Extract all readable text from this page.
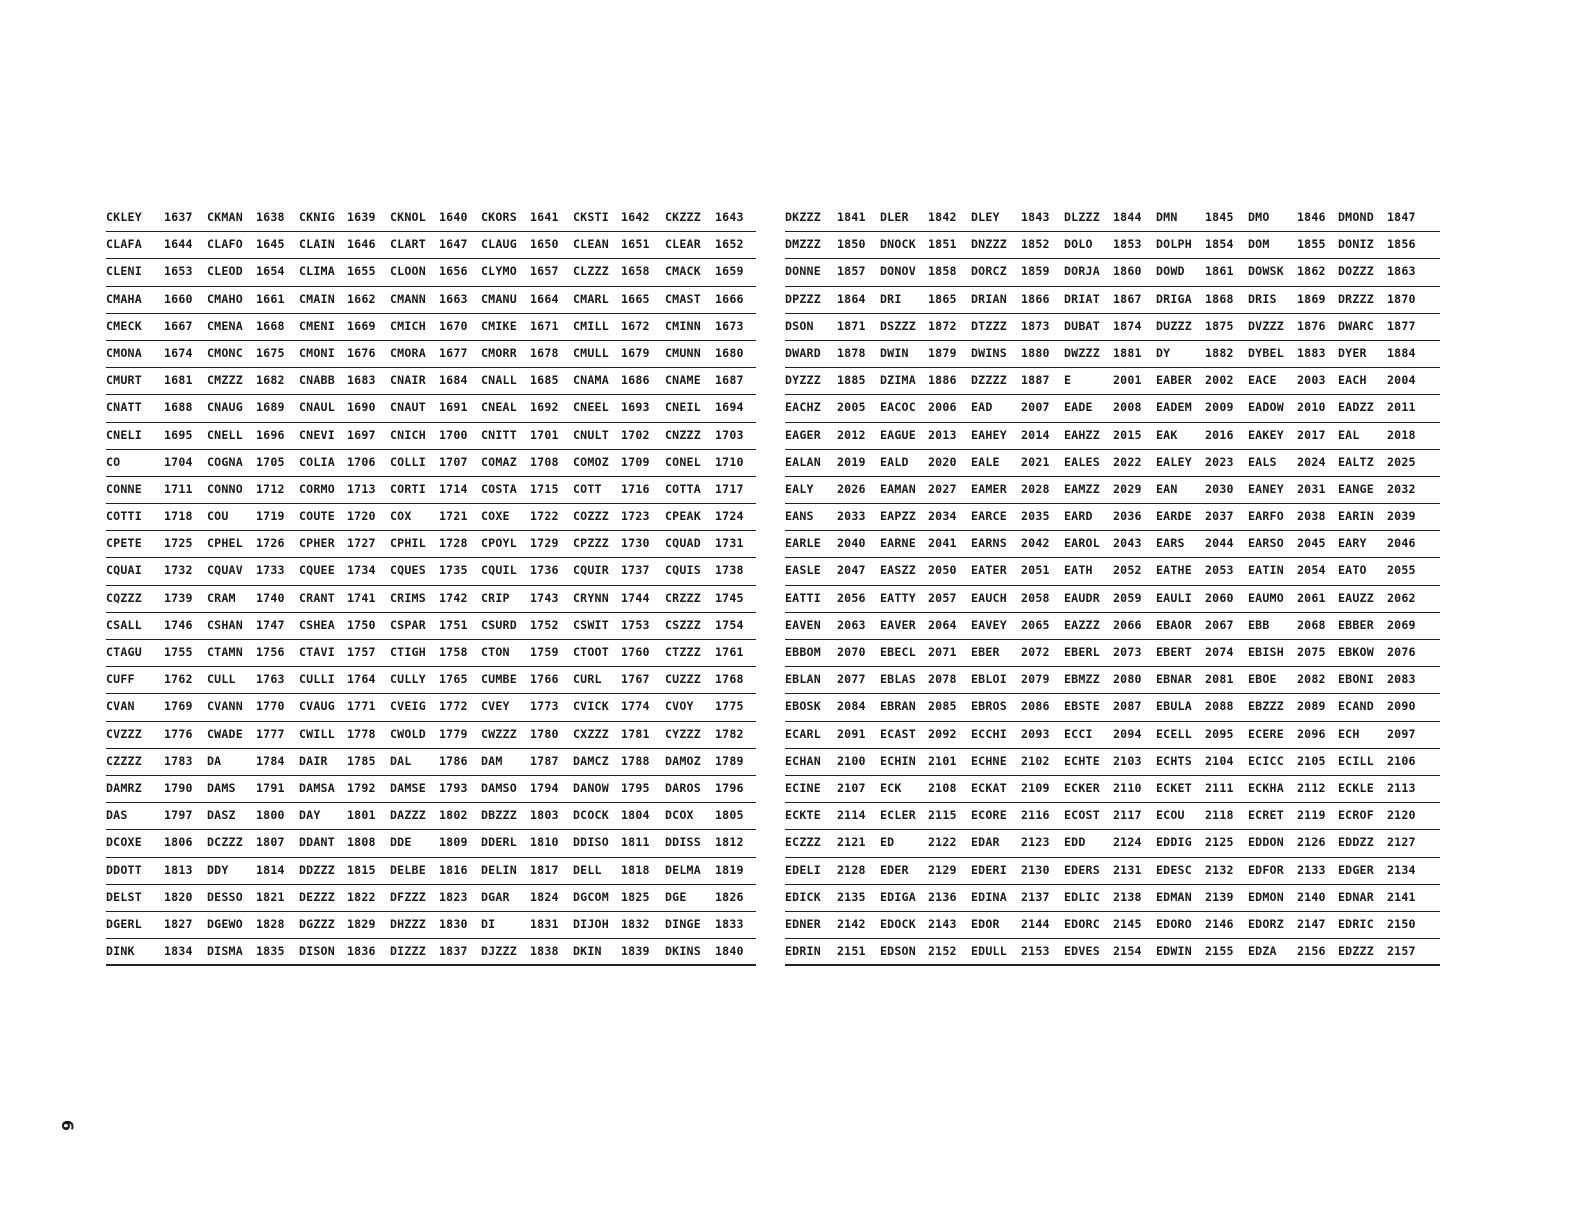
CKLEY 1637 CKMAN 1638 CKNIG 1639 CKNOL 1640 CKORS 1641 CKSTI 1642 CKZZZ 1643
CLAFA 1644 CLAFO 1645 CLAIN 1646 CLART 1647 CLAUG 1650 CLEAN 1651 CLEAR 1652
CLENI 1653 CLEOD 1654 CLIMA 1655 CLOON 1656 CLYMO 1657 CLZZZ 1658 CMACK 1659
CMAHA 1660 CMAHO 1661 CMAIN 1662 CMANN 1663 CMANU 1664 CMARL 1665 CMAST 1666
CMECK 1667 CMENA 1668 CMENI 1669 CMICH 1670 CMIKE 1671 CMILL 1672 CMINN 1673
CMONA 1674 CMONC 1675 CMONI 1676 CMORA 1677 CMORR 1678 CMULL 1679 CMUNN 1680
CMURT 1681 CMZZZ 1682 CNABB 1683 CNAIR 1684 CNALL 1685 CNAMA 1686 CNAME 1687
CNATT 1688 CNAUG 1689 CNAUL 1690 CNAUT 1691 CNEAL 1692 CNEEL 1693 CNEIL 1694
CNELI 1695 CNELL 1696 CNEVI 1697 CNICH 1700 CNITT 1701 CNULT 1702 CNZZZ 1703
CO	1704 COGNA 1705 COLIA 1706 COLLI 1707 COMAZ 1708 COMOZ 1709 CONEL 1710
CONNE 1711 CONNO 1712 CORMO 1713 CORTI 1714 COSTA 1715 COTT 1716 COTTA 1717
COTTI 1718 COU 1719 COUTE 1720 COX 1721 COXE 1722 COZZZ 1723 CPEAK 1724
CPETE 1725 CPHEL 1726 CPHER 1727 CPHIL 1728 CPOYL 1729 CPZZZ 1730 CQUAD 1731
CQUAI 1732 CQUAV 1733 CQUEE 1734 CQUES 1735 CQUIL 1736 CQUIR 1737 CQUIS 1738
CQZZZ 1739 CRAM 1740 CRANT 1741 CRIMS 1742 CRIP 1743 CRYNN 1744 CRZZZ 1745
CSALL 1746 CSHAN 1747 CSHEA 1750 CSPAR 1751 CSURD 1752 CSWIT 1753 CSZZZ 1754
CTAGU 1755 CTAMN 1756 CTAVI 1757 CTIGH 1758 CTON 1759 CTOOT 1760 CTZZZ 1761
CUFF	1762 CULL 1763 CULLI 1764 CULLY 1765 CUMBE 1766 CURL 1767 CUZZZ 1768
CVAN	1769 CVANN 1770 CVAUG 1771 CVEIG 1772 CVEY 1773 CVICK 1774 CVOY 1775
CVZZZ 1776 CWADE 1777 CWILL 1778 CWOLD 1779 CWZZZ 1780 CXZZZ 1781 CYZZZ 1782
CZZZZ 1783 DA	1784 DAIR 1785 DAL 1786 DAM 1787 DAMCZ 1788 DAMOZ 1789
DAMRZ 1790 DAMS 1791 DAMSA 1792 DAMSE 1793 DAMSO 1794 DANOW 1795 DAROS 1796
DAS	1797 DASZ 1800 DAY 1801 DAZZZ 1802 DBZZZ 1803 DCOCK 1804 DCOX 1805
DCOXE 1806 DCZZZ 1807 DDANT 1808 DDE 1809 DDERL 1810 DDISO 1811 DDISS 1812
DDOTT 1813 DDY 1814 DDZZZ 1815 DELBE 1816 DELIN 1817 DELL 1818 DELMA 1819
DELST 1820 DESSO 1821 DEZZZ 1822 DFZZZ 1823 DGAR 1824 DGCOM 1825 DGE 1826
DGERL 1827 DGEWO 1828 DGZZZ 1829 DHZZZ 1830 DI	1831 DIJOH 1832 DINGE 1833
DINK	1834 DISMA 1835 DISON 1836 DIZZZ 1837 DJZZZ 1838 DKIN 1839 DKINS 1840
DKZZZ 1841 DLER 1842 DLEY 1843 DLZZZ 1844 DMN 1845 DMO 1846 DMOND 1847
DMZZZ 1850 DNOCK 1851 DNZZZ 1852 DOLO 1853 DOLPH 1854 DOM 1855 DONIZ 1856
DONNE 1857 DONOV 1858 DORCZ 1859 DORJA 1860 DOWD 1861 DOWSK 1862 DOZZZ 1863
DPZZZ 1864 DRI 1865 DRIAN 1866 DRIAT 1867 DRIGA 1868 DRIS 1869 DRZZZ 1870
DSON 1871 DSZZZ 1872 DTZZZ 1873 DUBAT 1874 DUZZZ 1875 DVZZZ 1876 DWARC 1877
DWARD 1878 DWIN 1879 DWINS 1880 DWZZZ 1881 DY	1882 DYBEL 1883 DYER 1884
DYZZZ 1885 DZIMA 1886 DZZZZ 1887 E	2001 EABER 2002 EACE 2003 EACH 2004
EACHZ 2005 EACOC 2006 EAD 2007 EADE 2008 EADEM 2009 EADOW 2010 EADZZ 2011
EAGER 2012 EAGUE 2013 EAHEY 2014 EAHZZ 2015 EAK 2016 EAKEY 2017 EAL 2018
EALAN 2019 EALD 2020 EALE 2021 EALES 2022 EALEY 2023 EALS 2024 EALTZ 2025
EALY 2026 EAMAN 2027 EAMER 2028 EAMZZ 2029 EAN 2030 EANEY 2031 EANGE 2032
EANS 2033 EAPZZ 2034 EARCE 2035 EARD 2036 EARDE 2037 EARFO 2038 EARIN 2039
EARLE 2040 EARNE 2041 EARNS 2042 EAROL 2043 EARS 2044 EARSO 2045 EARY 2046
EASLE 2047 EASZZ 2050 EATER 2051 EATH 2052 EATHE 2053 EATIN 2054 EATO 2055
EATTI 2056 EATTY 2057 EAUCH 2058 EAUDR 2059 EAULI 2060 EAUMO 2061 EAUZZ 2062
EAVEN 2063 EAVER 2064 EAVEY 2065 EAZZZ 2066 EBAOR 2067 EBB 2068 EBBER 2069
EBBOM 2070 EBECL 2071 EBER 2072 EBERL 2073 EBERT 2074 EBISH 2075 EBKOW 2076
EBLAN 2077 EBLAS 2078 EBLOI 2079 EBMZZ 2080 EBNAR 2081 EBOE 2082 EBONI 2083
EBOSK 2084 EBRAN 2085 EBROS 2086 EBSTE 2087 EBULA 2088 EBZZZ 2089 ECAND 2090
ECARL 2091 ECAST 2092 ECCHI 2093 ECCI 2094 ECELL 2095 ECERE 2096 ECH 2097
ECHAN 2100 ECHIN 2101 ECHNE 2102 ECHTE 2103 ECHTS 2104 ECICC 2105 ECILL 2106
ECINE 2107 ECK 2108 ECKAT 2109 ECKER 2110 ECKET 2111 ECKHA 2112 ECKLE 2113
ECKTE 2114 ECLER 2115 ECORE 2116 ECOST 2117 ECOU 2118 ECRET 2119 ECROF 2120
ECZZZ 2121 ED	2122 EDAR 2123 EDD 2124 EDDIG 2125 EDDON 2126 EDDZZ 2127
EDELI 2128 EDER 2129 EDERI 2130 EDERS 2131 EDESC 2132 EDFOR 2133 EDGER 2134
EDICK 2135 EDIGA 2136 EDINA 2137 EDLIC 2138 EDMAN 2139 EDMON 2140 EDNAR 2141
EDNER 2142 EDOCK 2143 EDOR 2144 EDORC 2145 EDORO 2146 EDORZ 2147 EDRIC 2150
EDRIN 2151 EDSON 2152 EDULL 2153 EDVES 2154 EDWIN 2155 EDZA 2156 EDZZZ 2157
6
